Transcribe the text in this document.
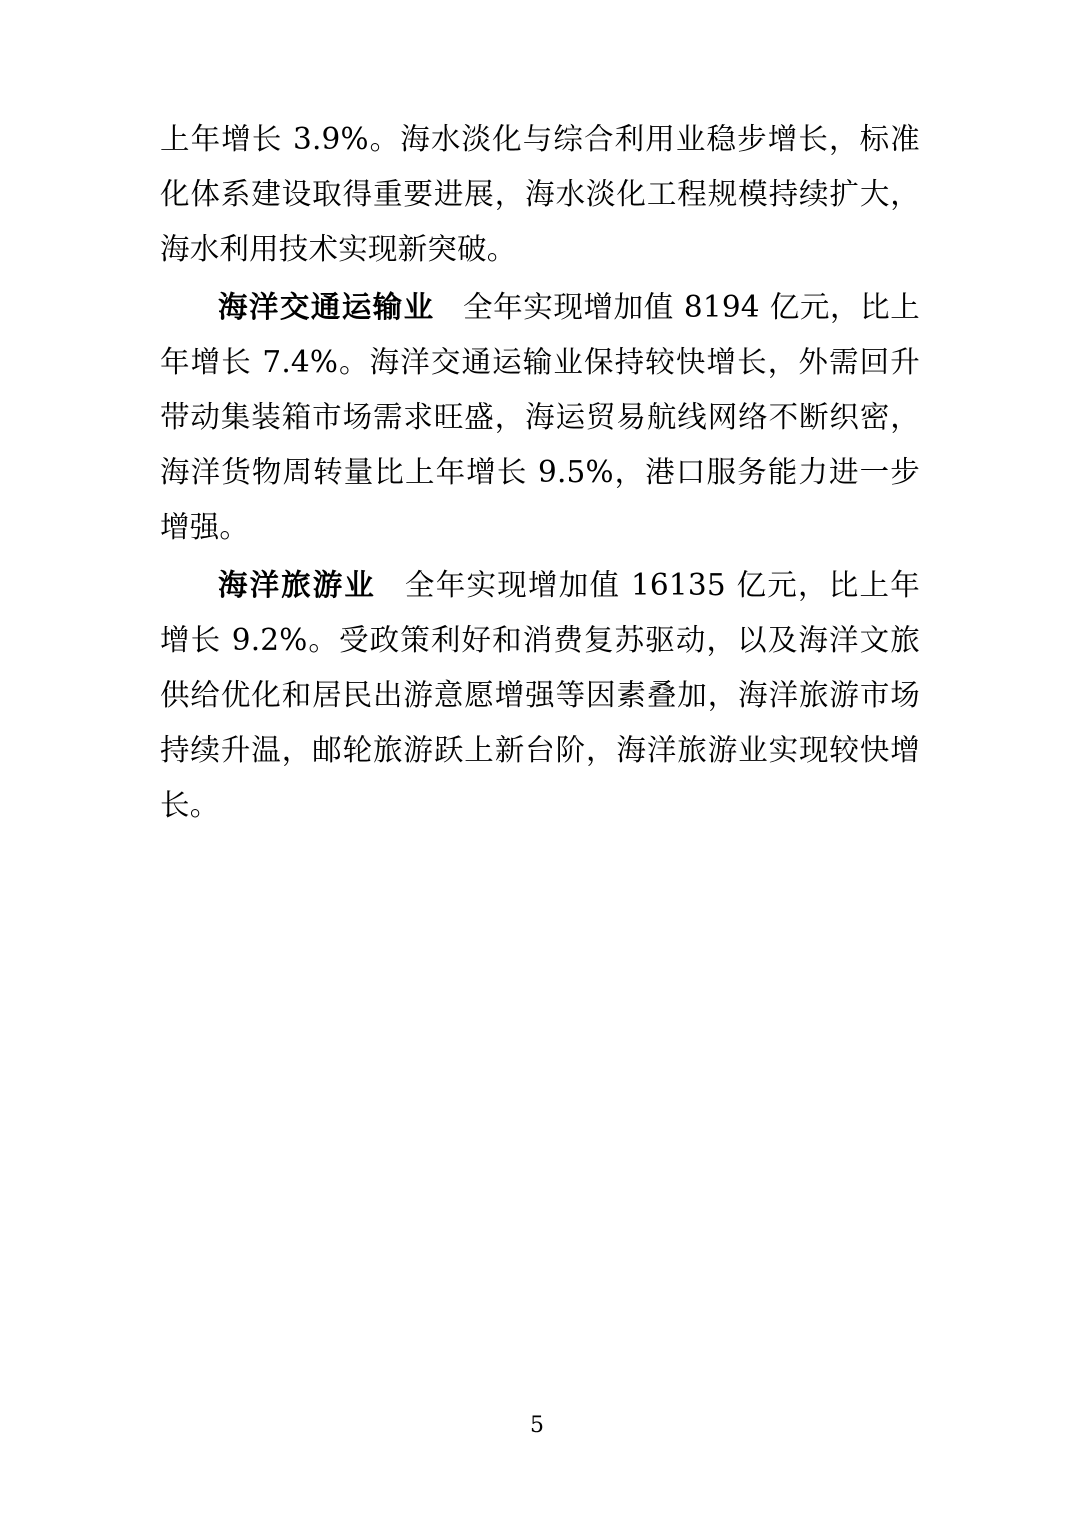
上年增长 3.9%。海水淡化与综合利用业稳步增长，标准化体系建设取得重要进展，海水淡化工程规模持续扩大，海水利用技术实现新突破。

海洋交通运输业 全年实现增加值 8194 亿元，比上年增长 7.4%。海洋交通运输业保持较快增长，外需回升带动集装箱市场需求旺盛，海运贸易航线网络不断织密，海洋货物周转量比上年增长 9.5%，港口服务能力进一步增强。

海洋旅游业 全年实现增加值 16135 亿元，比上年增长 9.2%。受政策利好和消费复苏驱动，以及海洋文旅供给优化和居民出游意愿增强等因素叠加，海洋旅游市场持续升温，邮轮旅游跃上新台阶，海洋旅游业实现较快增长。

5
